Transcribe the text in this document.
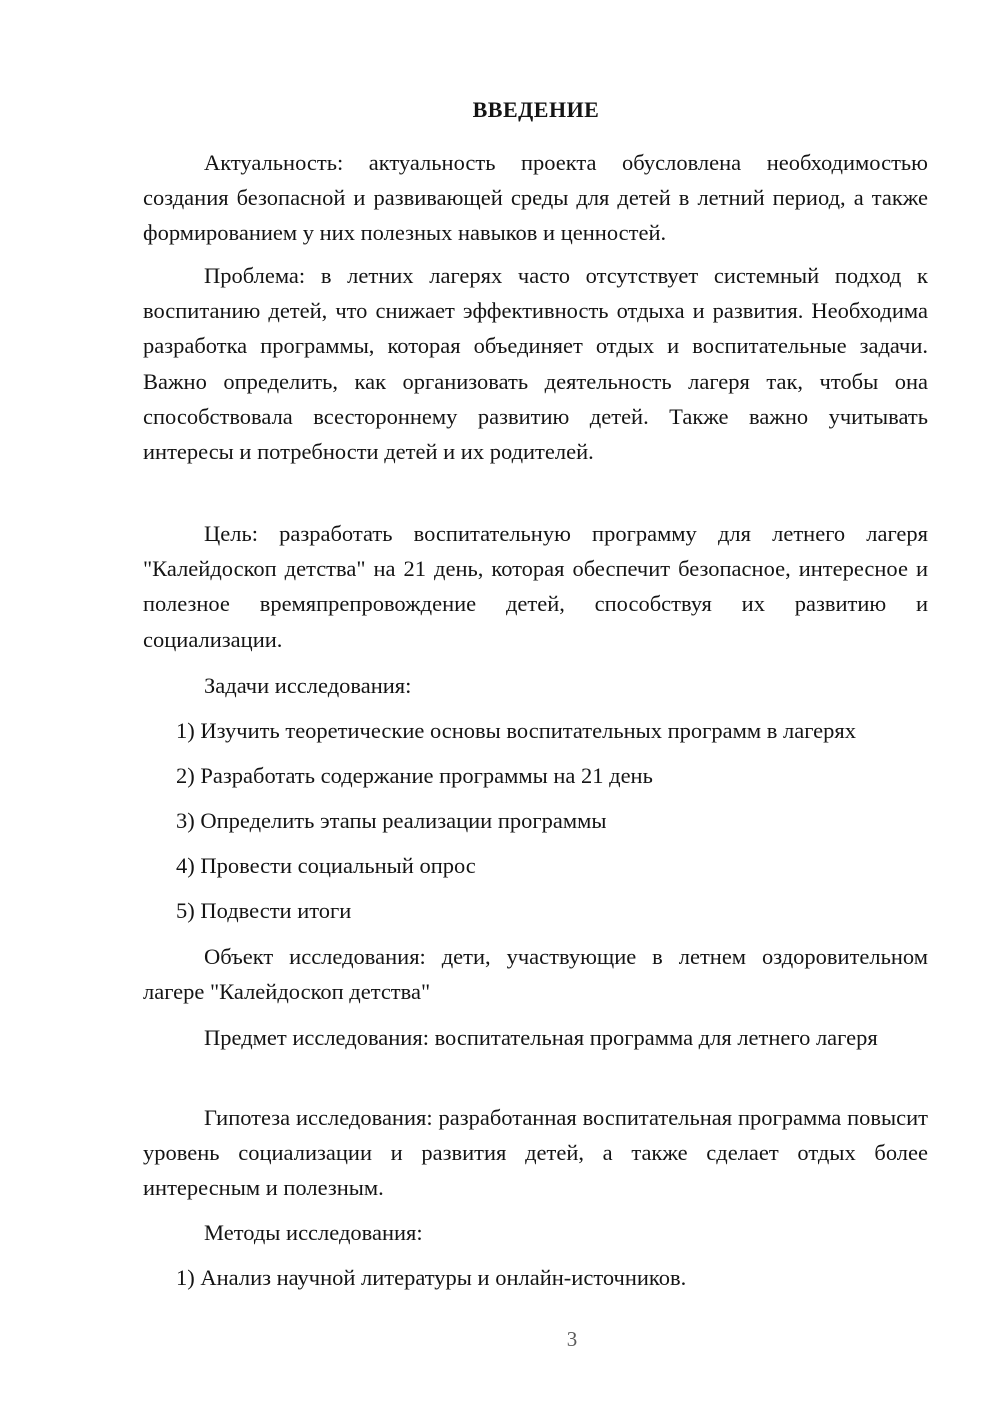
ВВЕДЕНИЕ

Актуальность: актуальность проекта обусловлена необходимостью создания безопасной и развивающей среды для детей в летний период, а также формированием у них полезных навыков и ценностей.

Проблема: в летних лагерях часто отсутствует системный подход к воспитанию детей, что снижает эффективность отдыха и развития. Необходима разработка программы, которая объединяет отдых и воспитательные задачи. Важно определить, как организовать деятельность лагеря так, чтобы она способствовала всестороннему развитию детей. Также важно учитывать интересы и потребности детей и их родителей.

Цель: разработать воспитательную программу для летнего лагеря "Калейдоскоп детства" на 21 день, которая обеспечит безопасное, интересное и полезное времяпрепровождение детей, способствуя их развитию и социализации.

Задачи исследования:

1) Изучить теоретические основы воспитательных программ в лагерях

2) Разработать содержание программы на 21 день

3) Определить этапы реализации программы

4) Провести социальный опрос

5) Подвести итоги

Объект исследования: дети, участвующие в летнем оздоровительном лагере "Калейдоскоп детства"

Предмет исследования: воспитательная программа для летнего лагеря

Гипотеза исследования: разработанная воспитательная программа повысит уровень социализации и развития детей, а также сделает отдых более интересным и полезным.

Методы исследования:

1) Анализ научной литературы и онлайн-источников.

3
